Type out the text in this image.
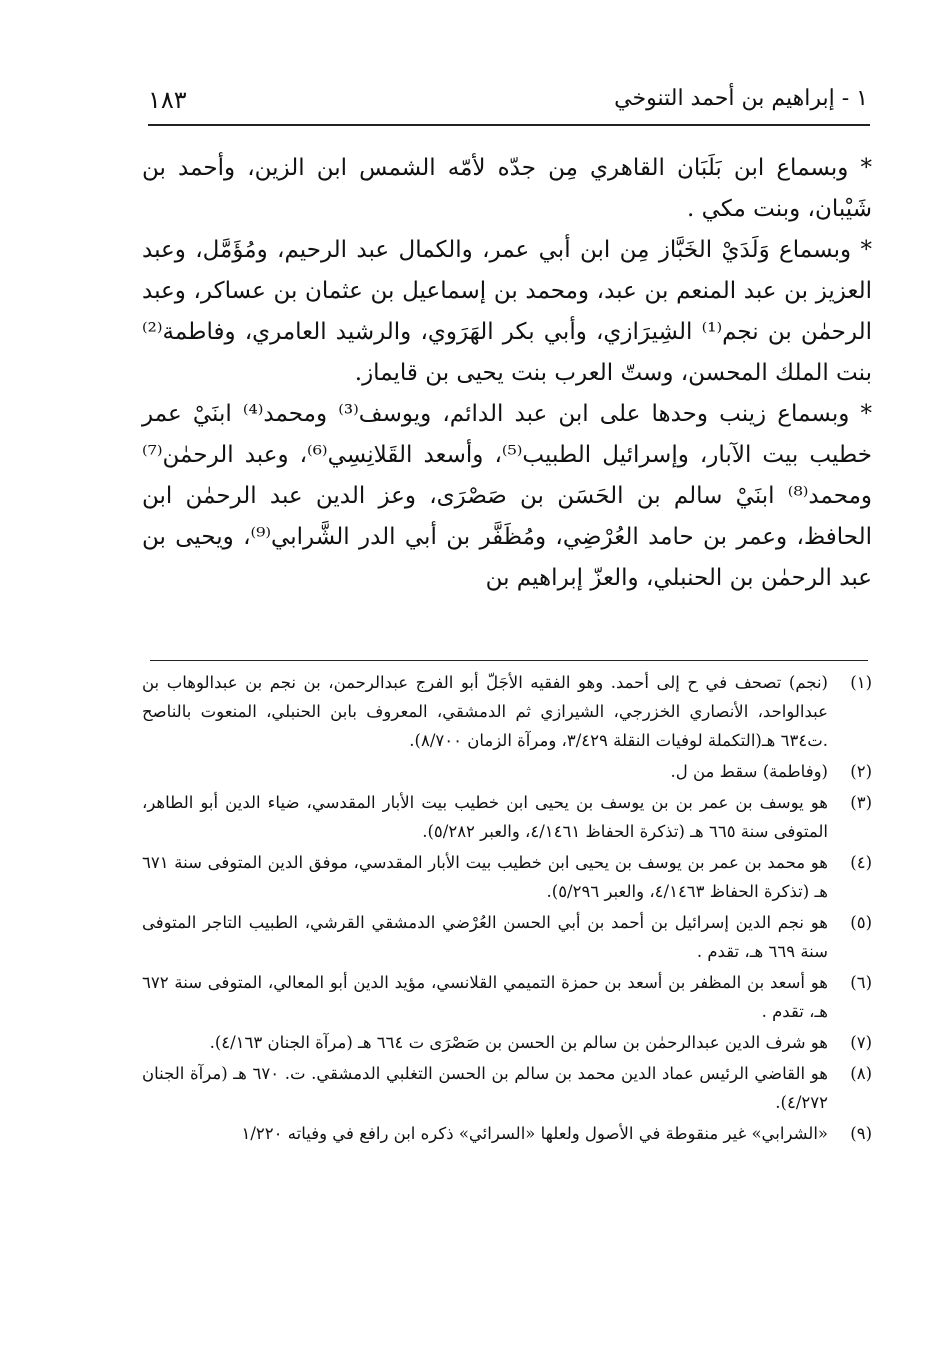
١ - إبراهيم بن أحمد التنوخي
١٨٣

* وبسماع ابن بَلَبَان القاهري مِن جدّه لأمّه الشمس ابن الزين، وأحمد بن شَيْبان، وبنت مكي .

* وبسماع وَلَدَيْ الخَبَّاز مِن ابن أبي عمر، والكمال عبد الرحيم، ومُؤَمَّل، وعبد العزيز بن عبد المنعم بن عبد، ومحمد بن إسماعيل بن عثمان بن عساكر، وعبد الرحمٰن بن نجم⁽¹⁾ الشِيرَازي، وأبي بكر الهَرَوي، والرشيد العامري، وفاطمة⁽²⁾ بنت الملك المحسن، وستّ العرب بنت يحيى بن قايماز.

* وبسماع زينب وحدها على ابن عبد الدائم، ويوسف⁽³⁾ ومحمد⁽⁴⁾ ابنَيْ عمر خطيب بيت الآبار، وإسرائيل الطبيب⁽⁵⁾، وأسعد القَلانِسِي⁽⁶⁾، وعبد الرحمٰن⁽⁷⁾ ومحمد⁽⁸⁾ ابنَيْ سالم بن الحَسَن بن صَصْرَى، وعز الدين عبد الرحمٰن ابن الحافظ، وعمر بن حامد العُرْضِي، ومُظَفَّر بن أبي الدر الشَّرابي⁽⁹⁾، ويحيى بن عبد الرحمٰن بن الحنبلي، والعزّ إبراهيم بن

(١)
(نجم) تصحف في ح إلى أحمد. وهو الفقيه الأجَلّ أبو الفرج عبدالرحمن، بن نجم بن عبدالوهاب بن عبدالواحد، الأنصاري الخزرجي، الشيرازي ثم الدمشقي، المعروف بابن الحنبلي، المنعوت بالناصح .ت٦٣٤ هـ(التكملة لوفيات النقلة ٣/٤٢٩، ومرآة الزمان ٨/٧٠٠).

(٢)
(وفاطمة) سقط من ل.

(٣)
هو يوسف بن عمر بن بن يوسف بن يحيى ابن خطيب بيت الأبار المقدسي، ضياء الدين أبو الطاهر، المتوفى سنة ٦٦٥ هـ (تذكرة الحفاظ ٤/١٤٦١، والعبر ٥/٢٨٢).

(٤)
هو محمد بن عمر بن يوسف بن يحيى ابن خطيب بيت الأبار المقدسي، موفق الدين المتوفى سنة ٦٧١ هـ (تذكرة الحفاظ ٤/١٤٦٣، والعبر ٥/٢٩٦).

(٥)
هو نجم الدين إسرائيل بن أحمد بن أبي الحسن العُرْضي الدمشقي القرشي، الطبيب التاجر المتوفى سنة ٦٦٩ هـ، تقدم .

(٦)
هو أسعد بن المظفر بن أسعد بن حمزة التميمي القلانسي، مؤيد الدين أبو المعالي، المتوفى سنة ٦٧٢ هـ، تقدم .

(٧)
هو شرف الدين عبدالرحمٰن بن سالم بن الحسن بن صَصْرَى ت ٦٦٤ هـ (مرآة الجنان ٤/١٦٣).

(٨)
هو القاضي الرئيس عماد الدين محمد بن سالم بن الحسن التغلبي الدمشقي. ت. ٦٧٠ هـ (مرآة الجنان ٤/٢٧٢).

(٩)
«الشرابي» غير منقوطة في الأصول ولعلها «السرائي» ذكره ابن رافع في وفياته ١/٢٢٠
